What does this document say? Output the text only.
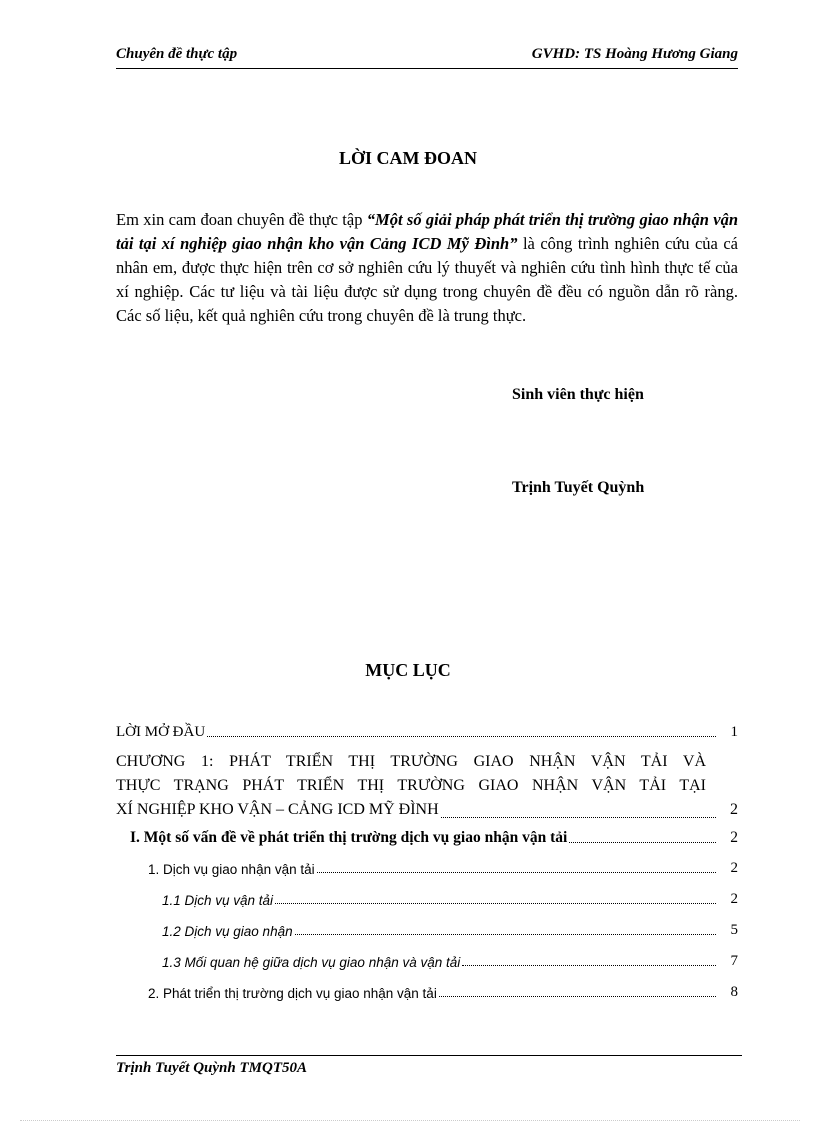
Chuyên đề thực tập	GVHD: TS Hoàng Hương Giang
LỜI CAM ĐOAN
Em xin cam đoan chuyên đề thực tập “Một số giải pháp phát triển thị trường giao nhận vận tải tại xí nghiệp giao nhận kho vận Cảng ICD Mỹ Đình” là công trình nghiên cứu của cá nhân em, được thực hiện trên cơ sở nghiên cứu lý thuyết và nghiên cứu tình hình thực tế của xí nghiệp. Các tư liệu và tài liệu được sử dụng trong chuyên đề đều có nguồn dẫn rõ ràng. Các số liệu, kết quả nghiên cứu trong chuyên đề là trung thực.
Sinh viên thực hiện
Trịnh Tuyết Quỳnh
MỤC LỤC
LỜI MỞ ĐẦU	1
CHƯƠNG 1: PHÁT TRIỂN THỊ TRƯỜNG GIAO NHẬN VẬN TẢI VÀ
THỰC TRẠNG PHÁT TRIỂN THỊ TRƯỜNG GIAO NHẬN VẬN TẢI TẠI
XÍ NGHIỆP KHO VẬN – CẢNG ICD MỸ ĐÌNH	2
I. Một số vấn đề về phát triển thị trường dịch vụ giao nhận vận tải	2
1. Dịch vụ giao nhận vận tải	2
1.1 Dịch vụ vận tải	2
1.2 Dịch vụ giao nhận	5
1.3 Mối quan hệ giữa dịch vụ giao nhận và vận tải	7
2. Phát triển thị trường dịch vụ giao nhận vận tải	8
Trịnh Tuyết Quỳnh TMQT50A
